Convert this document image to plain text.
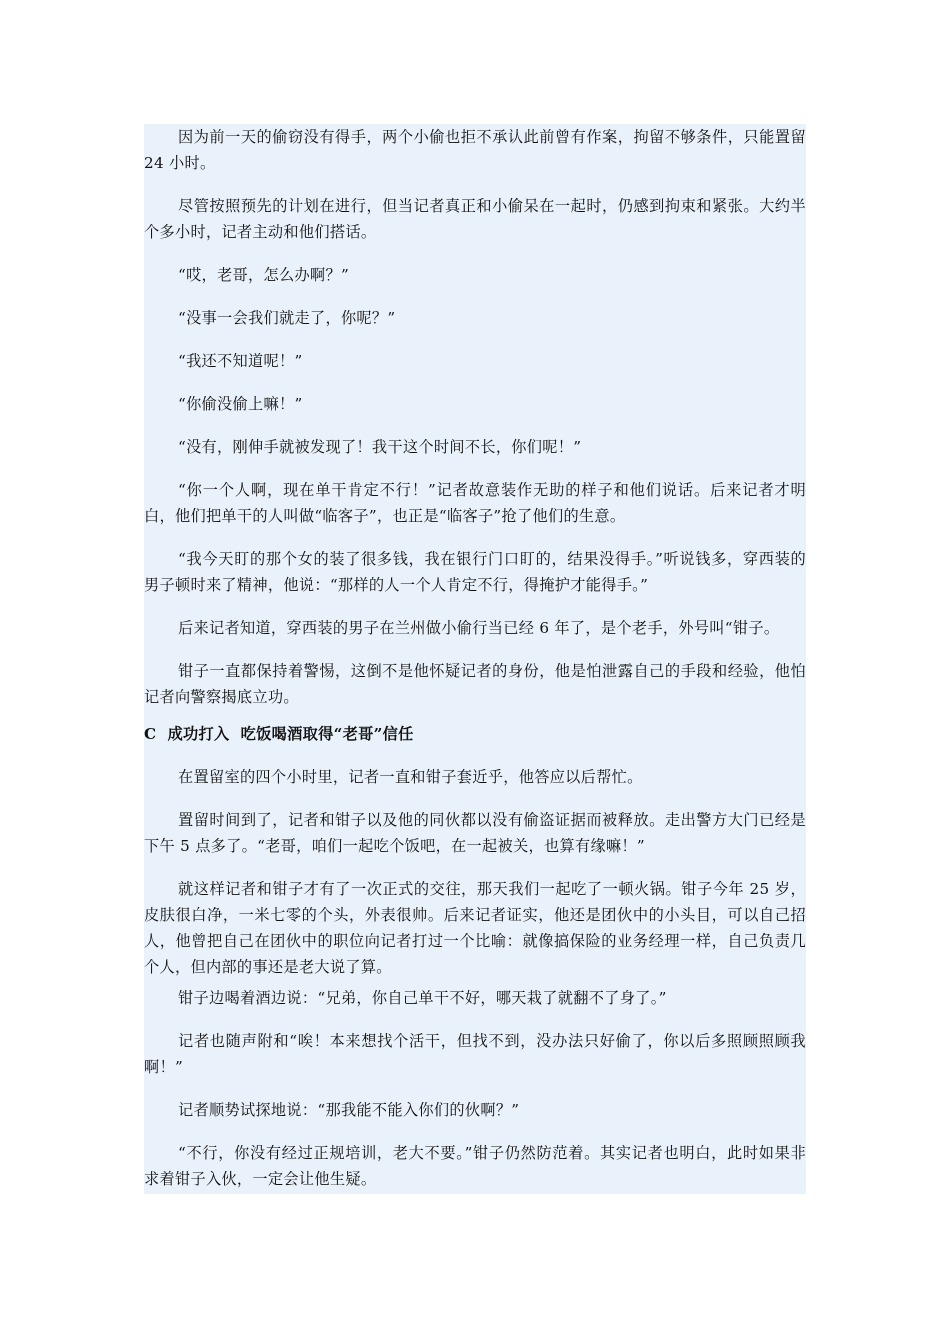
因为前一天的偷窃没有得手，两个小偷也拒不承认此前曾有作案，拘留不够条件，只能置留 24 小时。

尽管按照预先的计划在进行，但当记者真正和小偷呆在一起时，仍感到拘束和紧张。大约半个多小时，记者主动和他们搭话。

“哎，老哥，怎么办啊？”

“没事一会我们就走了，你呢？”

“我还不知道呢！”

“你偷没偷上嘛！”

“没有，刚伸手就被发现了！我干这个时间不长，你们呢！”

“你一个人啊，现在单干肯定不行！”记者故意装作无助的样子和他们说话。后来记者才明白，他们把单干的人叫做“临客子”，也正是“临客子”抢了他们的生意。

“我今天盯的那个女的装了很多钱，我在银行门口盯的，结果没得手。”听说钱多，穿西装的男子顿时来了精神，他说：“那样的人一个人肯定不行，得掩护才能得手。”

后来记者知道，穿西装的男子在兰州做小偷行当已经 6 年了，是个老手，外号叫“钳子。

钳子一直都保持着警惕，这倒不是他怀疑记者的身份，他是怕泄露自己的手段和经验，他怕记者向警察揭底立功。

C  成功打入  吃饭喝酒取得“老哥”信任

在置留室的四个小时里，记者一直和钳子套近乎，他答应以后帮忙。

置留时间到了，记者和钳子以及他的同伙都以没有偷盗证据而被释放。走出警方大门已经是下午 5 点多了。“老哥，咱们一起吃个饭吧，在一起被关，也算有缘嘛！”

就这样记者和钳子才有了一次正式的交往，那天我们一起吃了一顿火锅。钳子今年 25 岁，皮肤很白净，一米七零的个头，外表很帅。后来记者证实，他还是团伙中的小头目，可以自己招人，他曾把自己在团伙中的职位向记者打过一个比喻：就像搞保险的业务经理一样，自己负责几个人，但内部的事还是老大说了算。

钳子边喝着酒边说：“兄弟，你自己单干不好，哪天栽了就翻不了身了。”

记者也随声附和“唉！本来想找个活干，但找不到，没办法只好偷了，你以后多照顾照顾我啊！”

记者顺势试探地说：“那我能不能入你们的伙啊？”

“不行，你没有经过正规培训，老大不要。”钳子仍然防范着。其实记者也明白，此时如果非求着钳子入伙，一定会让他生疑。
